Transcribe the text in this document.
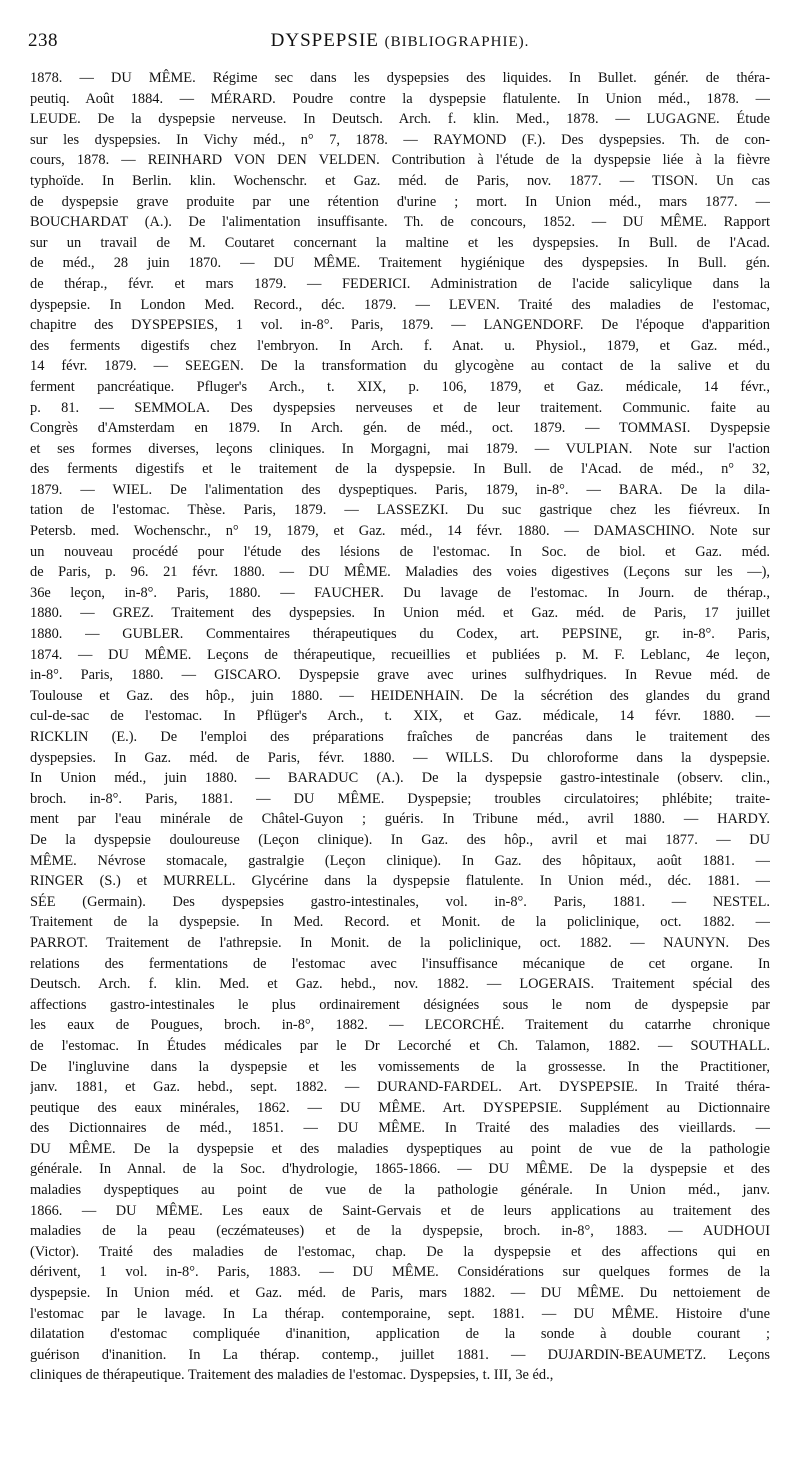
238	DYSPEPSIE (BIBLIOGRAPHIE).
1878. — DU MÊME. Régime sec dans les dyspepsies des liquides. In Bullet. génér. de théra-
peutiq. Août 1884. — MÉRARD. Poudre contre la dyspepsie flatulente. In Union méd., 1878. —
LEUDE. De la dyspepsie nerveuse. In Deutsch. Arch. f. klin. Med., 1878. — LUGAGNE. Étude
sur les dyspepsies. In Vichy méd., n° 7, 1878. — RAYMOND (F.). Des dyspepsies. Th. de con-
cours, 1878. — REINHARD VON DEN VELDEN. Contribution à l'étude de la dyspepsie liée à la fièvre
typhoïde. In Berlin. klin. Wochenschr. et Gaz. méd. de Paris, nov. 1877. — TISON. Un cas
de dyspepsie grave produite par une rétention d'urine ; mort. In Union méd., mars 1877. —
BOUCHARDAT (A.). De l'alimentation insuffisante. Th. de concours, 1852. — DU MÊME. Rapport
sur un travail de M. Coutaret concernant la maltine et les dyspepsies. In Bull. de l'Acad.
de méd., 28 juin 1870. — DU MÊME. Traitement hygiénique des dyspepsies. In Bull. gén.
de thérap., févr. et mars 1879. — FEDERICI. Administration de l'acide salicylique dans la
dyspepsie. In London Med. Record., déc. 1879. — LEVEN. Traité des maladies de l'estomac,
chapitre des DYSPEPSIES, 1 vol. in-8°. Paris, 1879. — LANGENDORF. De l'époque d'apparition
des ferments digestifs chez l'embryon. In Arch. f. Anat. u. Physiol., 1879, et Gaz. méd.,
14 févr. 1879. — SEEGEN. De la transformation du glycogène au contact de la salive et du
ferment pancréatique. Pfluger's Arch., t. XIX, p. 106, 1879, et Gaz. médicale, 14 févr.,
p. 81. — SEMMOLA. Des dyspepsies nerveuses et de leur traitement. Communic. faite au
Congrès d'Amsterdam en 1879. In Arch. gén. de méd., oct. 1879. — TOMMASI. Dyspepsie
et ses formes diverses, leçons cliniques. In Morgagni, mai 1879. — VULPIAN. Note sur l'action
des ferments digestifs et le traitement de la dyspepsie. In Bull. de l'Acad. de méd., n° 32,
1879. — WIEL. De l'alimentation des dyspeptiques. Paris, 1879, in-8°. — BARA. De la dila-
tation de l'estomac. Thèse. Paris, 1879. — LASSEZKI. Du suc gastrique chez les fiévreux. In
Petersb. med. Wochenschr., n° 19, 1879, et Gaz. méd., 14 févr. 1880. — DAMASCHINO. Note sur
un nouveau procédé pour l'étude des lésions de l'estomac. In Soc. de biol. et Gaz. méd.
de Paris, p. 96. 21 févr. 1880. — DU MÊME. Maladies des voies digestives (Leçons sur les —),
36e leçon, in-8°. Paris, 1880. — FAUCHER. Du lavage de l'estomac. In Journ. de thérap.,
1880. — GREZ. Traitement des dyspepsies. In Union méd. et Gaz. méd. de Paris, 17 juillet
1880. — GUBLER. Commentaires thérapeutiques du Codex, art. PEPSINE, gr. in-8°. Paris,
1874. — DU MÊME. Leçons de thérapeutique, recueillies et publiées p. M. F. Leblanc, 4e leçon,
in-8°. Paris, 1880. — GISCARO. Dyspepsie grave avec urines sulfhydriques. In Revue méd. de
Toulouse et Gaz. des hôp., juin 1880. — HEIDENHAIN. De la sécrétion des glandes du grand
cul-de-sac de l'estomac. In Pflüger's Arch., t. XIX, et Gaz. médicale, 14 févr. 1880. —
RICKLIN (E.). De l'emploi des préparations fraîches de pancréas dans le traitement des
dyspepsies. In Gaz. méd. de Paris, févr. 1880. — WILLS. Du chloroforme dans la dyspepsie.
In Union méd., juin 1880. — BARADUC (A.). De la dyspepsie gastro-intestinale (observ. clin.,
broch. in-8°. Paris, 1881. — DU MÊME. Dyspepsie; troubles circulatoires; phlébite; traite-
ment par l'eau minérale de Châtel-Guyon ; guéris. In Tribune méd., avril 1880. — HARDY.
De la dyspepsie douloureuse (Leçon clinique). In Gaz. des hôp., avril et mai 1877. — DU
MÊME. Névrose stomacale, gastralgie (Leçon clinique). In Gaz. des hôpitaux, août 1881. —
RINGER (S.) et MURRELL. Glycérine dans la dyspepsie flatulente. In Union méd., déc. 1881. —
SÉE (Germain). Des dyspepsies gastro-intestinales, vol. in-8°. Paris, 1881. — NESTEL.
Traitement de la dyspepsie. In Med. Record. et Monit. de la policlinique, oct. 1882. —
PARROT. Traitement de l'athrepsie. In Monit. de la policlinique, oct. 1882. — NAUNYN. Des
relations des fermentations de l'estomac avec l'insuffisance mécanique de cet organe. In
Deutsch. Arch. f. klin. Med. et Gaz. hebd., nov. 1882. — LOGERAIS. Traitement spécial des
affections gastro-intestinales le plus ordinairement désignées sous le nom de dyspepsie par
les eaux de Pougues, broch. in-8°, 1882. — LECORCHÉ. Traitement du catarrhe chronique
de l'estomac. In Études médicales par le Dr Lecorché et Ch. Talamon, 1882. — SOUTHALL.
De l'ingluvine dans la dyspepsie et les vomissements de la grossesse. In the Practitioner,
janv. 1881, et Gaz. hebd., sept. 1882. — DURAND-FARDEL. Art. DYSPEPSIE. In Traité théra-
peutique des eaux minérales, 1862. — DU MÊME. Art. DYSPEPSIE. Supplément au Dictionnaire
des Dictionnaires de méd., 1851. — DU MÊME. In Traité des maladies des vieillards. —
DU MÊME. De la dyspepsie et des maladies dyspeptiques au point de vue de la pathologie
générale. In Annal. de la Soc. d'hydrologie, 1865-1866. — DU MÊME. De la dyspepsie et des
maladies dyspeptiques au point de vue de la pathologie générale. In Union méd., janv.
1866. — DU MÊME. Les eaux de Saint-Gervais et de leurs applications au traitement des
maladies de la peau (eczémateuses) et de la dyspepsie, broch. in-8°, 1883. — AUDHOUI
(Victor). Traité des maladies de l'estomac, chap. De la dyspepsie et des affections qui en
dérivent, 1 vol. in-8°. Paris, 1883. — DU MÊME. Considérations sur quelques formes de la
dyspepsie. In Union méd. et Gaz. méd. de Paris, mars 1882. — DU MÊME. Du nettoiement de
l'estomac par le lavage. In La thérap. contemporaine, sept. 1881. — DU MÊME. Histoire d'une
dilatation d'estomac compliquée d'inanition, application de la sonde à double courant ;
guérison d'inanition. In La thérap. contemp., juillet 1881. — DUJARDIN-BEAUMETZ. Leçons
cliniques de thérapeutique. Traitement des maladies de l'estomac. Dyspepsies, t. III, 3e éd.,
